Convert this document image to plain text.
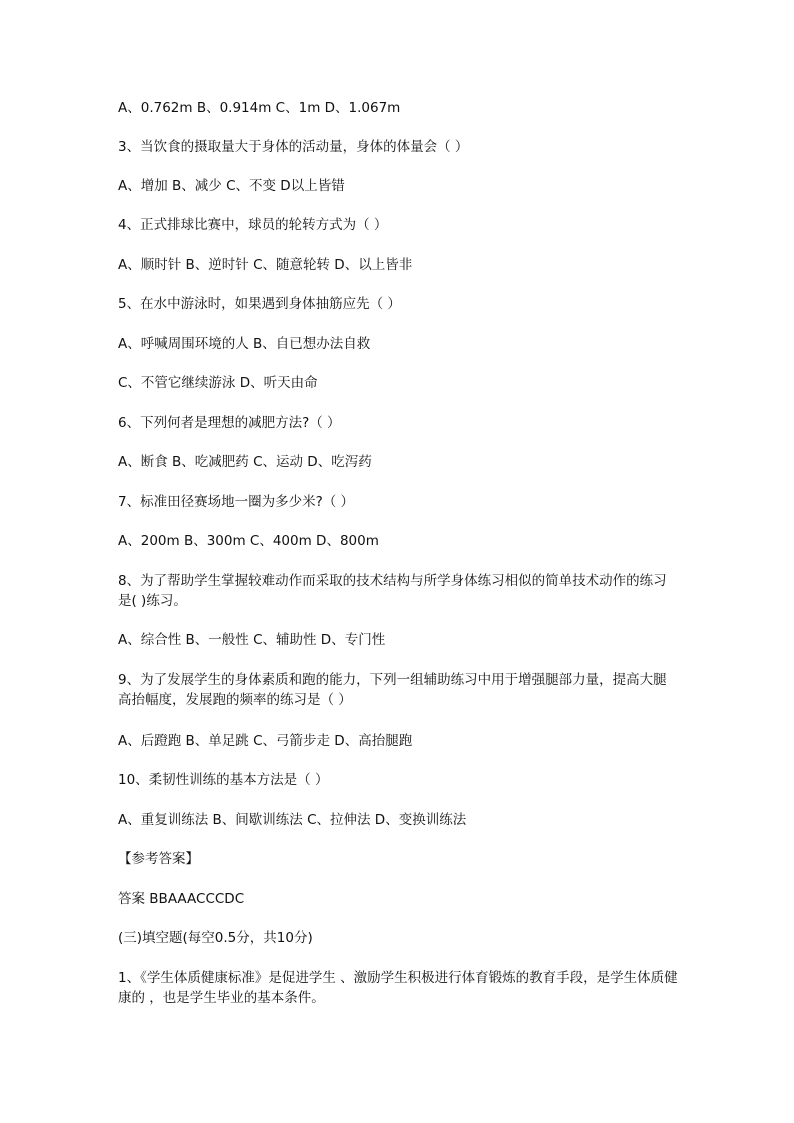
A、0.762m B、0.914m C、1m D、1.067m
3、当饮食的摄取量大于身体的活动量，身体的体量会（ ）
A、增加 B、减少 C、不变 D以上皆错
4、正式排球比赛中，球员的轮转方式为（ ）
A、顺时针 B、逆时针 C、随意轮转 D、以上皆非
5、在水中游泳时，如果遇到身体抽筋应先（ ）
A、呼喊周围环境的人 B、自已想办法自救
C、不管它继续游泳 D、听天由命
6、下列何者是理想的减肥方法?（ ）
A、断食 B、吃减肥药 C、运动 D、吃泻药
7、标准田径赛场地一圈为多少米?（ ）
A、200m B、300m C、400m D、800m
8、为了帮助学生掌握较难动作而采取的技术结构与所学身体练习相似的简单技术动作的练习是( )练习。
A、综合性 B、一般性 C、辅助性 D、专门性
9、为了发展学生的身体素质和跑的能力，下列一组辅助练习中用于增强腿部力量，提高大腿高抬幅度，发展跑的频率的练习是（ ）
A、后蹬跑 B、单足跳 C、弓箭步走 D、高抬腿跑
10、柔韧性训练的基本方法是（ ）
A、重复训练法 B、间歇训练法 C、拉伸法 D、变换训练法
【参考答案】
答案 BBAAACCCDC
(三)填空题(每空0.5分，共10分)
1、《学生体质健康标准》是促进学生 、激励学生积极进行体育锻炼的教育手段，是学生体质健康的 ，也是学生毕业的基本条件。
